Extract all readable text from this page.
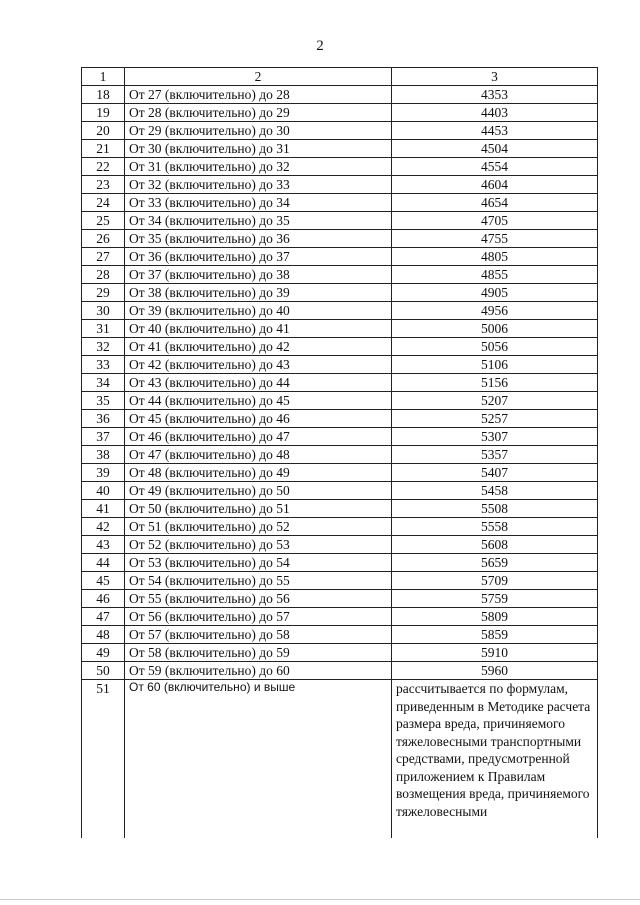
2
1	2	3
18	От 27 (включительно) до 28	4353
19	От 28 (включительно) до 29	4403
20	От 29 (включительно) до 30	4453
21	От 30 (включительно) до 31	4504
22	От 31 (включительно) до 32	4554
23	От 32 (включительно) до 33	4604
24	От 33 (включительно) до 34	4654
25	От 34 (включительно) до 35	4705
26	От 35 (включительно) до 36	4755
27	От 36 (включительно) до 37	4805
28	От 37 (включительно) до 38	4855
29	От 38 (включительно) до 39	4905
30	От 39 (включительно) до 40	4956
31	От 40 (включительно) до 41	5006
32	От 41 (включительно) до 42	5056
33	От 42 (включительно) до 43	5106
34	От 43 (включительно) до 44	5156
35	От 44 (включительно) до 45	5207
36	От 45 (включительно) до 46	5257
37	От 46 (включительно) до 47	5307
38	От 47 (включительно) до 48	5357
39	От 48 (включительно) до 49	5407
40	От 49 (включительно) до 50	5458
41	От 50 (включительно) до 51	5508
42	От 51 (включительно) до 52	5558
43	От 52 (включительно) до 53	5608
44	От 53 (включительно) до 54	5659
45	От 54 (включительно) до 55	5709
46	От 55 (включительно) до 56	5759
47	От 56 (включительно) до 57	5809
48	От 57 (включительно) до 58	5859
49	От 58 (включительно) до 59	5910
50	От 59 (включительно) до 60	5960
51	От 60 (включительно) и выше	рассчитывается по формулам, приведенным в Методике расчета размера вреда, причиняемого тяжеловесными транспортными средствами, предусмотренной приложением к Правилам возмещения вреда, причиняемого тяжеловесными
